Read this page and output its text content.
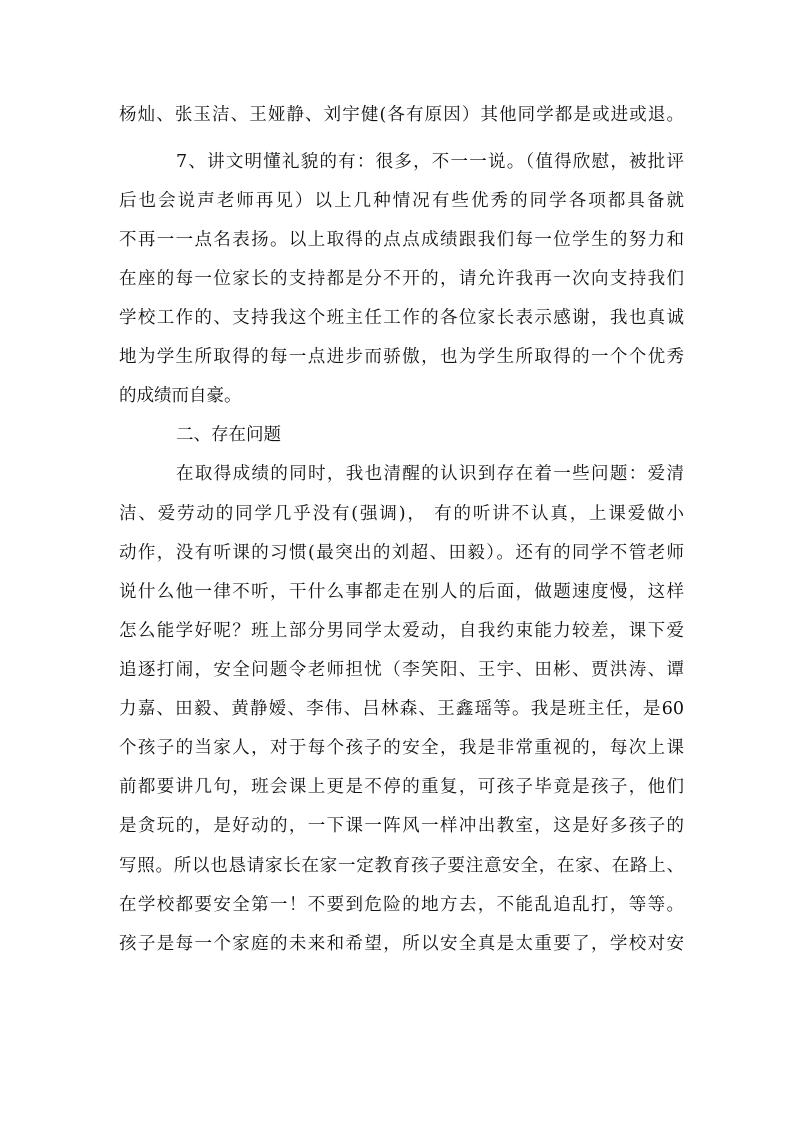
杨灿、张玉洁、王娅静、刘宇健(各有原因）其他同学都是或进或退。
7、讲文明懂礼貌的有：很多，不一一说。（值得欣慰，被批评
后也会说声老师再见）以上几种情况有些优秀的同学各项都具备就
不再一一点名表扬。以上取得的点点成绩跟我们每一位学生的努力和
在座的每一位家长的支持都是分不开的，请允许我再一次向支持我们
学校工作的、支持我这个班主任工作的各位家长表示感谢，我也真诚
地为学生所取得的每一点进步而骄傲，也为学生所取得的一个个优秀
的成绩而自豪。
二、存在问题
在取得成绩的同时，我也清醒的认识到存在着一些问题：爱清
洁、爱劳动的同学几乎没有(强调)， 有的听讲不认真，上课爱做小
动作，没有听课的习惯(最突出的刘超、田毅）。还有的同学不管老师
说什么他一律不听，干什么事都走在别人的后面，做题速度慢，这样
怎么能学好呢？班上部分男同学太爱动，自我约束能力较差，课下爱
追逐打闹，安全问题令老师担忧（李笑阳、王宇、田彬、贾洪涛、谭
力嘉、田毅、黄静嫒、李伟、吕林森、王鑫瑶等。我是班主任，是60
个孩子的当家人，对于每个孩子的安全，我是非常重视的，每次上课
前都要讲几句，班会课上更是不停的重复，可孩子毕竟是孩子，他们
是贪玩的，是好动的，一下课一阵风一样冲出教室，这是好多孩子的
写照。所以也恳请家长在家一定教育孩子要注意安全，在家、在路上、
在学校都要安全第一！不要到危险的地方去，不能乱追乱打，等等。
孩子是每一个家庭的未来和希望，所以安全真是太重要了，学校对安
